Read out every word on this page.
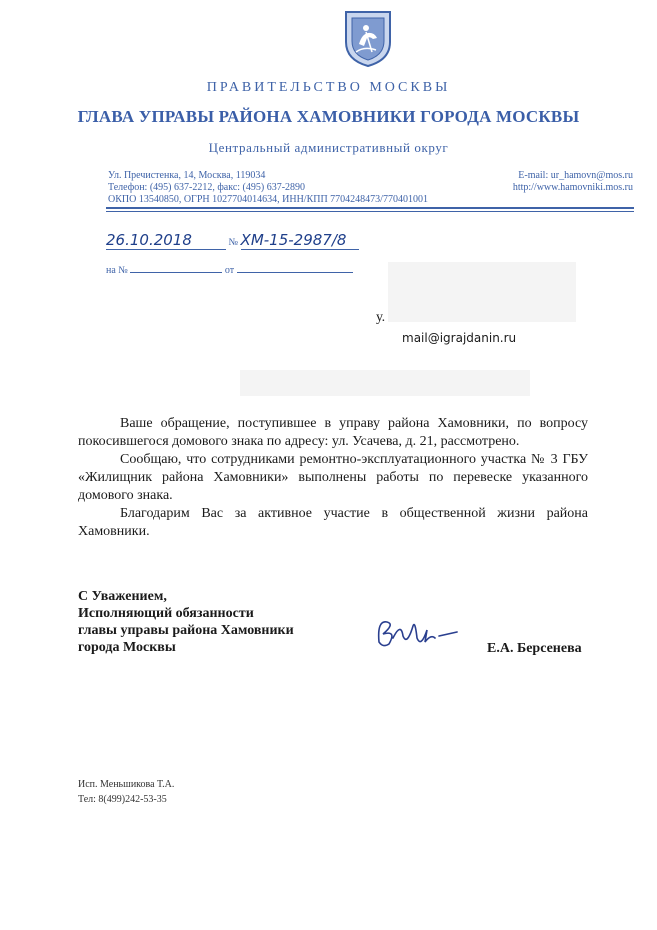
ПРАВИТЕЛЬСТВО МОСКВЫ
ГЛАВА УПРАВЫ РАЙОНА ХАМОВНИКИ ГОРОДА МОСКВЫ
Центральный административный округ
Ул. Пречистенка, 14, Москва, 119034
Телефон: (495) 637-2212, факс: (495) 637-2890
ОКПО 13540850, ОГРН 1027704014634, ИНН/КПП 7704248473/770401001
E-mail: ur_hamovn@mos.ru
http://www.hamovniki.mos.ru
26.10.2018	№ ХМ-15-2987/8
на №	от
у.
mail@igrajdanin.ru

Ваше обращение, поступившее в управу района Хамовники, по вопросу покосившегося домового знака по адресу: ул. Усачева, д. 21, рассмотрено.

Сообщаю, что сотрудниками ремонтно-эксплуатационного участка № 3 ГБУ «Жилищник района Хамовники» выполнены работы по перевеске указанного домового знака.

Благодарим Вас за активное участие в общественной жизни района Хамовники.

С Уважением,
Исполняющий обязанности
главы управы района Хамовники
города Москвы	Е.А. Берсенева
Исп. Меньшикова Т.А.
Тел: 8(499)242-53-35
